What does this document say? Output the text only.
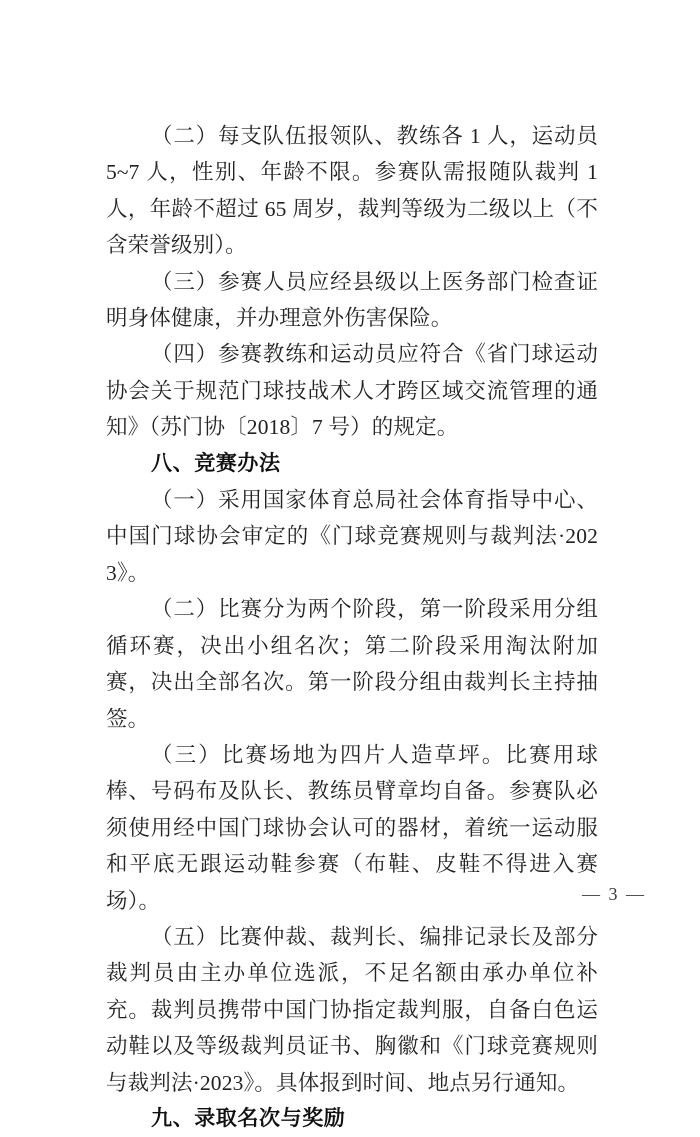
（二）每支队伍报领队、教练各 1 人，运动员 5~7 人，性别、年龄不限。参赛队需报随队裁判 1 人，年龄不超过 65 周岁，裁判等级为二级以上（不含荣誉级别）。

（三）参赛人员应经县级以上医务部门检查证明身体健康，并办理意外伤害保险。

（四）参赛教练和运动员应符合《省门球运动协会关于规范门球技战术人才跨区域交流管理的通知》（苏门协〔2018〕7 号）的规定。

八、竞赛办法

（一）采用国家体育总局社会体育指导中心、中国门球协会审定的《门球竞赛规则与裁判法·2023》。

（二）比赛分为两个阶段，第一阶段采用分组循环赛，决出小组名次；第二阶段采用淘汰附加赛，决出全部名次。第一阶段分组由裁判长主持抽签。

（三）比赛场地为四片人造草坪。比赛用球棒、号码布及队长、教练员臂章均自备。参赛队必须使用经中国门球协会认可的器材，着统一运动服和平底无跟运动鞋参赛（布鞋、皮鞋不得进入赛场）。

（五）比赛仲裁、裁判长、编排记录长及部分裁判员由主办单位选派，不足名额由承办单位补充。裁判员携带中国门协指定裁判服，自备白色运动鞋以及等级裁判员证书、胸徽和《门球竞赛规则与裁判法·2023》。具体报到时间、地点另行通知。

九、录取名次与奖励

— 3 —
